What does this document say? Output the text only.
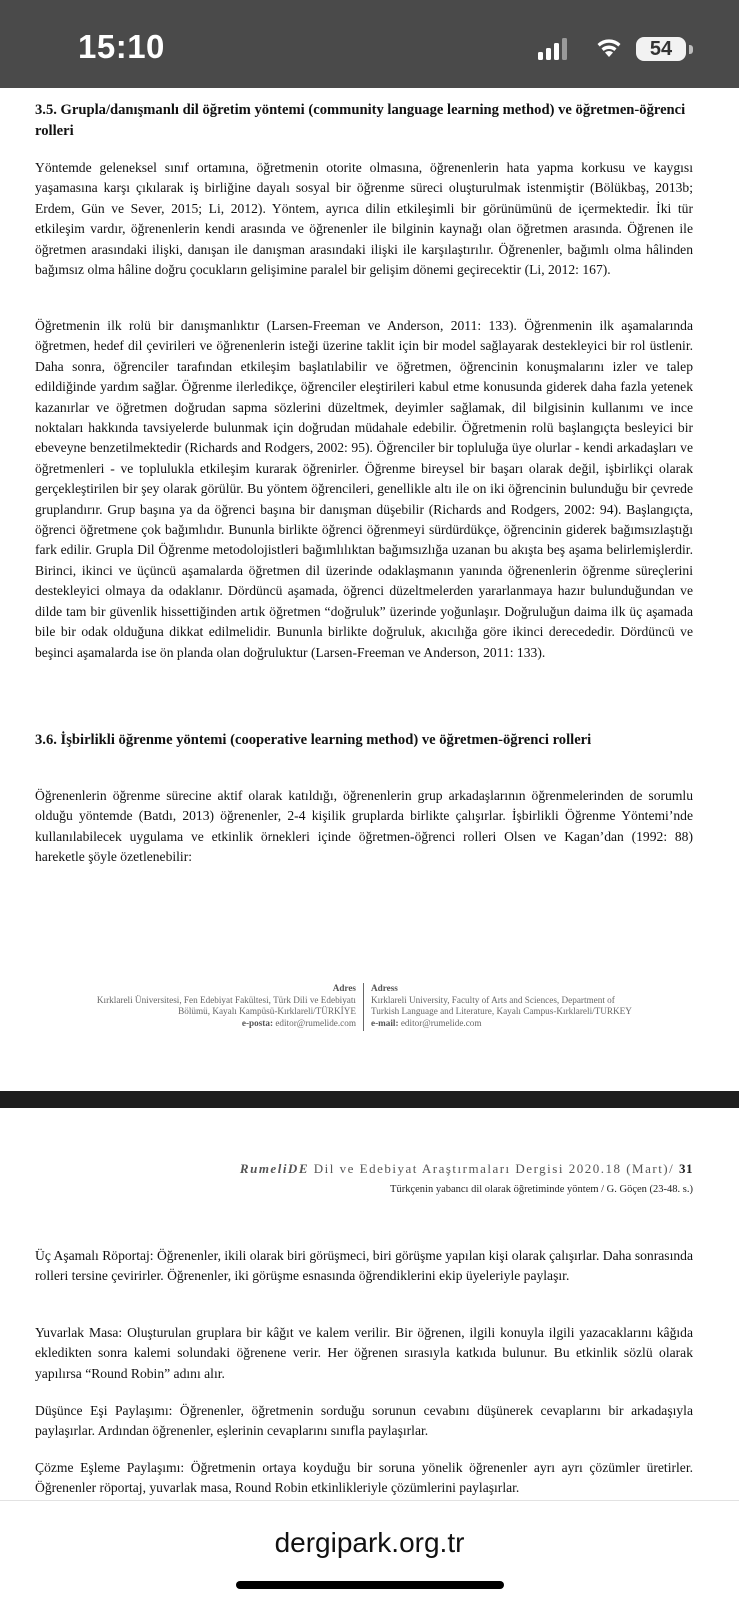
15:10	54
3.5. Grupla/danışmanlı dil öğretim yöntemi (community language learning method) ve öğretmen-öğrenci rolleri
Yöntemde geleneksel sınıf ortamına, öğretmenin otorite olmasına, öğrenenlerin hata yapma korkusu ve kaygısı yaşamasına karşı çıkılarak iş birliğine dayalı sosyal bir öğrenme süreci oluşturulmak istenmiştir (Bölükbaş, 2013b; Erdem, Gün ve Sever, 2015; Li, 2012). Yöntem, ayrıca dilin etkileşimli bir görünümünü de içermektedir. İki tür etkileşim vardır, öğrenenlerin kendi arasında ve öğrenenler ile bilginin kaynağı olan öğretmen arasında. Öğrenen ile öğretmen arasındaki ilişki, danışan ile danışman arasındaki ilişki ile karşılaştırılır. Öğrenenler, bağımlı olma hâlinden bağımsız olma hâline doğru çocukların gelişimine paralel bir gelişim dönemi geçirecektir (Li, 2012: 167).
Öğretmenin ilk rolü bir danışmanlıktır (Larsen-Freeman ve Anderson, 2011: 133). Öğrenmenin ilk aşamalarında öğretmen, hedef dil çevirileri ve öğrenenlerin isteği üzerine taklit için bir model sağlayarak destekleyici bir rol üstlenir. Daha sonra, öğrenciler tarafından etkileşim başlatılabilir ve öğretmen, öğrencinin konuşmalarını izler ve talep edildiğinde yardım sağlar. Öğrenme ilerledikçe, öğrenciler eleştirileri kabul etme konusunda giderek daha fazla yetenek kazanırlar ve öğretmen doğrudan sapma sözlerini düzeltmek, deyimler sağlamak, dil bilgisinin kullanımı ve ince noktaları hakkında tavsiyelerde bulunmak için doğrudan müdahale edebilir. Öğretmenin rolü başlangıçta besleyici bir ebeveyne benzetilmektedir (Richards and Rodgers, 2002: 95). Öğrenciler bir topluluğa üye olurlar - kendi arkadaşları ve öğretmenleri - ve toplulukla etkileşim kurarak öğrenirler. Öğrenme bireysel bir başarı olarak değil, işbirlikçi olarak gerçekleştirilen bir şey olarak görülür. Bu yöntem öğrencileri, genellikle altı ile on iki öğrencinin bulunduğu bir çevrede gruplandırır. Grup başına ya da öğrenci başına bir danışman düşebilir (Richards and Rodgers, 2002: 94). Başlangıçta, öğrenci öğretmene çok bağımlıdır. Bununla birlikte öğrenci öğrenmeyi sürdürdükçe, öğrencinin giderek bağımsızlaştığı fark edilir. Grupla Dil Öğrenme metodolojistleri bağımlılıktan bağımsızlığa uzanan bu akışta beş aşama belirlemişlerdir. Birinci, ikinci ve üçüncü aşamalarda öğretmen dil üzerinde odaklaşmanın yanında öğrenenlerin öğrenme süreçlerini destekleyici olmaya da odaklanır. Dördüncü aşamada, öğrenci düzeltmelerden yararlanmaya hazır bulunduğundan ve dilde tam bir güvenlik hissettiğinden artık öğretmen “doğruluk” üzerinde yoğunlaşır. Doğruluğun daima ilk üç aşamada bile bir odak olduğuna dikkat edilmelidir. Bununla birlikte doğruluk, akıcılığa göre ikinci derecededir. Dördüncü ve beşinci aşamalarda ise ön planda olan doğruluktur (Larsen-Freeman ve Anderson, 2011: 133).
3.6. İşbirlikli öğrenme yöntemi (cooperative learning method) ve öğretmen-öğrenci rolleri
Öğrenenlerin öğrenme sürecine aktif olarak katıldığı, öğrenenlerin grup arkadaşlarının öğrenmelerinden de sorumlu olduğu yöntemde (Batdı, 2013) öğrenenler, 2-4 kişilik gruplarda birlikte çalışırlar. İşbirlikli Öğrenme Yöntemi’nde kullanılabilecek uygulama ve etkinlik örnekleri içinde öğretmen-öğrenci rolleri Olsen ve Kagan’dan (1992: 88) hareketle şöyle özetlenebilir:
Adres
Kırklareli Üniversitesi, Fen Edebiyat Fakültesi, Türk Dili ve Edebiyatı
Bölümü, Kayalı Kampüsü-Kırklareli/TÜRKİYE
e-posta: editor@rumelide.com
Adress
Kırklareli University, Faculty of Arts and Sciences, Department of
Turkish Language and Literature, Kayalı Campus-Kırklareli/TURKEY
e-mail: editor@rumelide.com
RumeliDE Dil ve Edebiyat Araştırmaları Dergisi 2020.18 (Mart)/ 31
Türkçenin yabancı dil olarak öğretiminde yöntem / G. Göçen (23-48. s.)
Üç Aşamalı Röportaj: Öğrenenler, ikili olarak biri görüşmeci, biri görüşme yapılan kişi olarak çalışırlar. Daha sonrasında rolleri tersine çevirirler. Öğrenenler, iki görüşme esnasında öğrendiklerini ekip üyeleriyle paylaşır.
Yuvarlak Masa: Oluşturulan gruplara bir kâğıt ve kalem verilir. Bir öğrenen, ilgili konuyla ilgili yazacaklarını kâğıda ekledikten sonra kalemi solundaki öğrenene verir. Her öğrenen sırasıyla katkıda bulunur. Bu etkinlik sözlü olarak yapılırsa “Round Robin” adını alır.
Düşünce Eşi Paylaşımı: Öğrenenler, öğretmenin sorduğu sorunun cevabını düşünerek cevaplarını bir arkadaşıyla paylaşırlar. Ardından öğrenenler, eşlerinin cevaplarını sınıfla paylaşırlar.
Çözme Eşleme Paylaşımı: Öğretmenin ortaya koyduğu bir soruna yönelik öğrenenler ayrı ayrı çözümler üretirler. Öğrenenler röportaj, yuvarlak masa, Round Robin etkinlikleriyle çözümlerini paylaşırlar.
dergipark.org.tr
